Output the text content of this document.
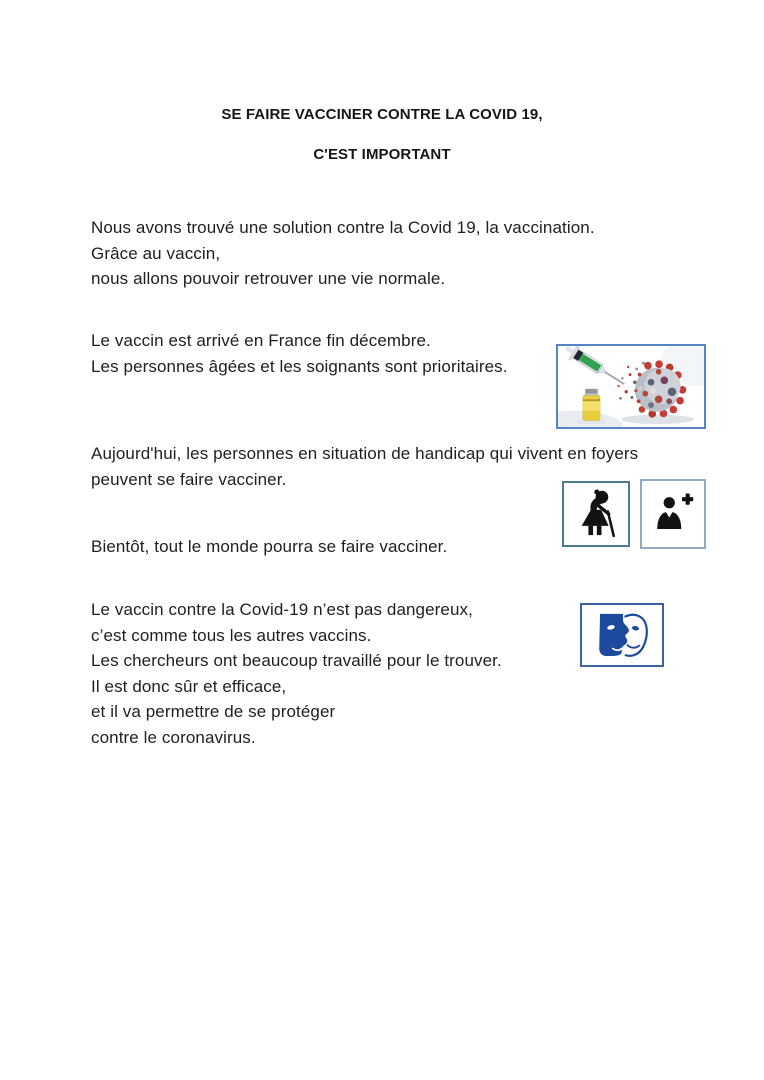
SE FAIRE VACCINER CONTRE LA COVID 19,
C'EST IMPORTANT
Nous avons trouvé une solution contre la Covid 19, la vaccination.
Grâce au vaccin,
nous allons pouvoir retrouver une vie normale.
Le vaccin est arrivé en France fin décembre.
Les personnes âgées et les soignants sont prioritaires.
Aujourd'hui, les personnes en situation de handicap qui vivent en foyers
peuvent se faire vacciner.
Bientôt, tout le monde pourra se faire vacciner.
Le vaccin contre la Covid-19 n’est pas dangereux,
c’est comme tous les autres vaccins.
Les chercheurs ont beaucoup travaillé pour le trouver.
Il est donc sûr et efficace,
et il va permettre de se protéger
contre le coronavirus.
